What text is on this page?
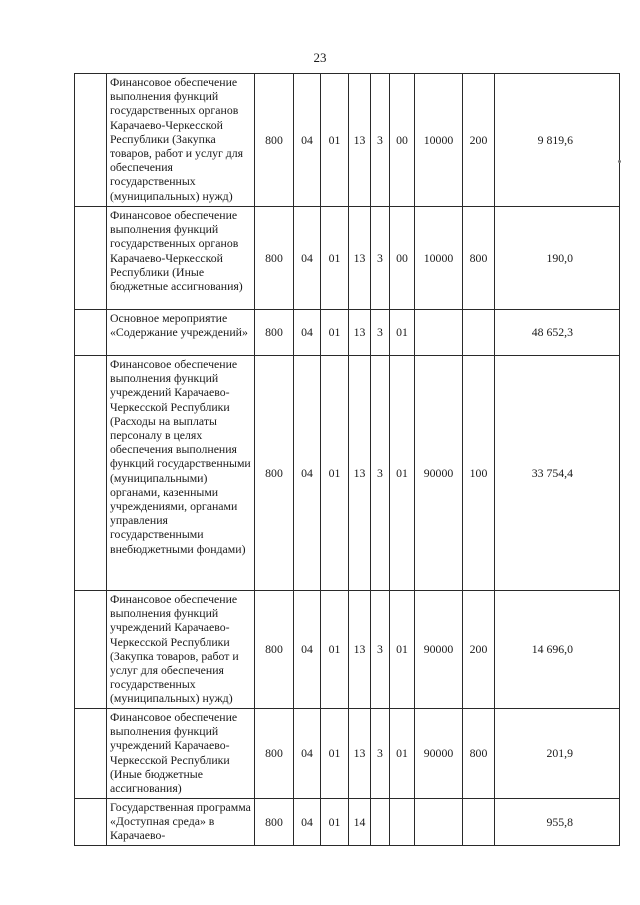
23
	Финансовое обеспечение выполнения функций государственных органов Карачаево-Черкесской Республики (Закупка товаров, работ и услуг для обеспечения государственных (муниципальных) нужд)	800	04	01	13	3	00	10000	200	9 819,6
	Финансовое обеспечение выполнения функций государственных органов Карачаево-Черкесской Республики (Иные бюджетные ассигнования)	800	04	01	13	3	00	10000	800	190,0
	Основное мероприятие «Содержание учреждений»	800	04	01	13	3	01			48 652,3
	Финансовое обеспечение выполнения функций учреждений Карачаево-Черкесской Республики (Расходы на выплаты персоналу в целях обеспечения выполнения функций государственными (муниципальными) органами, казенными учреждениями, органами управления государственными внебюджетными фондами)	800	04	01	13	3	01	90000	100	33 754,4
	Финансовое обеспечение выполнения функций учреждений Карачаево-Черкесской Республики (Закупка товаров, работ и услуг для обеспечения государственных (муниципальных) нужд)	800	04	01	13	3	01	90000	200	14 696,0
	Финансовое обеспечение выполнения функций учреждений Карачаево-Черкесской Республики (Иные бюджетные ассигнования)	800	04	01	13	3	01	90000	800	201,9
	Государственная программа «Доступная среда» в Карачаево-	800	04	01	14					955,8
